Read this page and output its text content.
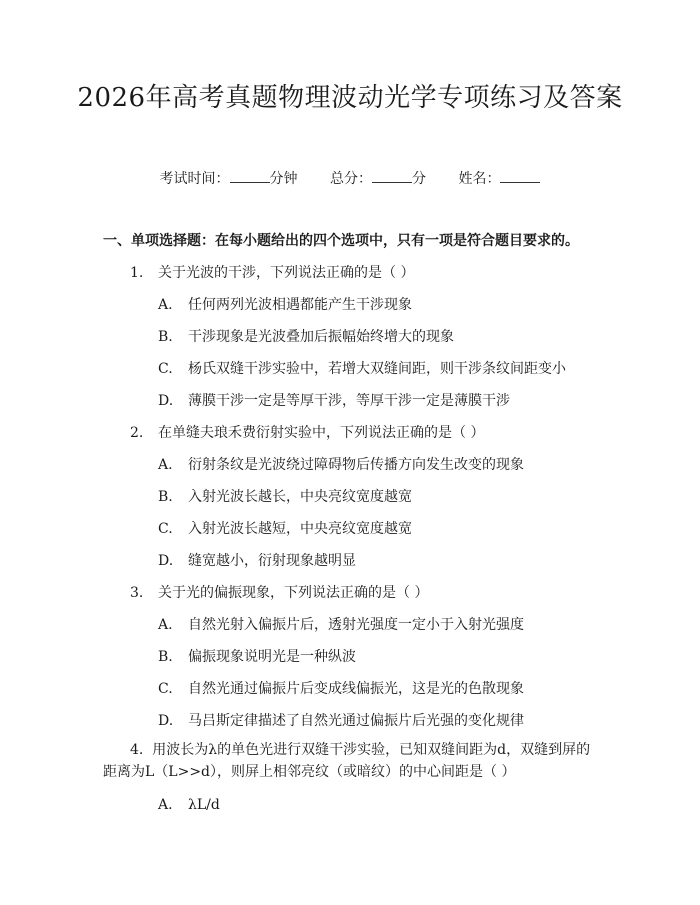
2026年高考真题物理波动光学专项练习及答案
考试时间：	分钟 总分：	分 姓名：
一、单项选择题：在每小题给出的四个选项中，只有一项是符合题目要求的。
1. 关于光波的干涉，下列说法正确的是（ ）
A. 任何两列光波相遇都能产生干涉现象
B. 干涉现象是光波叠加后振幅始终增大的现象
C. 杨氏双缝干涉实验中，若增大双缝间距，则干涉条纹间距变小
D. 薄膜干涉一定是等厚干涉，等厚干涉一定是薄膜干涉
2. 在单缝夫琅禾费衍射实验中，下列说法正确的是（ ）
A. 衍射条纹是光波绕过障碍物后传播方向发生改变的现象
B. 入射光波长越长，中央亮纹宽度越宽
C. 入射光波长越短，中央亮纹宽度越宽
D. 缝宽越小，衍射现象越明显
3. 关于光的偏振现象，下列说法正确的是（ ）
A. 自然光射入偏振片后，透射光强度一定小于入射光强度
B. 偏振现象说明光是一种纵波
C. 自然光通过偏振片后变成线偏振光，这是光的色散现象
D. 马吕斯定律描述了自然光通过偏振片后光强的变化规律
4. 用波长为λ的单色光进行双缝干涉实验，已知双缝间距为d，双缝到屏的距离为L（L>>d），则屏上相邻亮纹（或暗纹）的中心间距是（ ）
A. λL/d
